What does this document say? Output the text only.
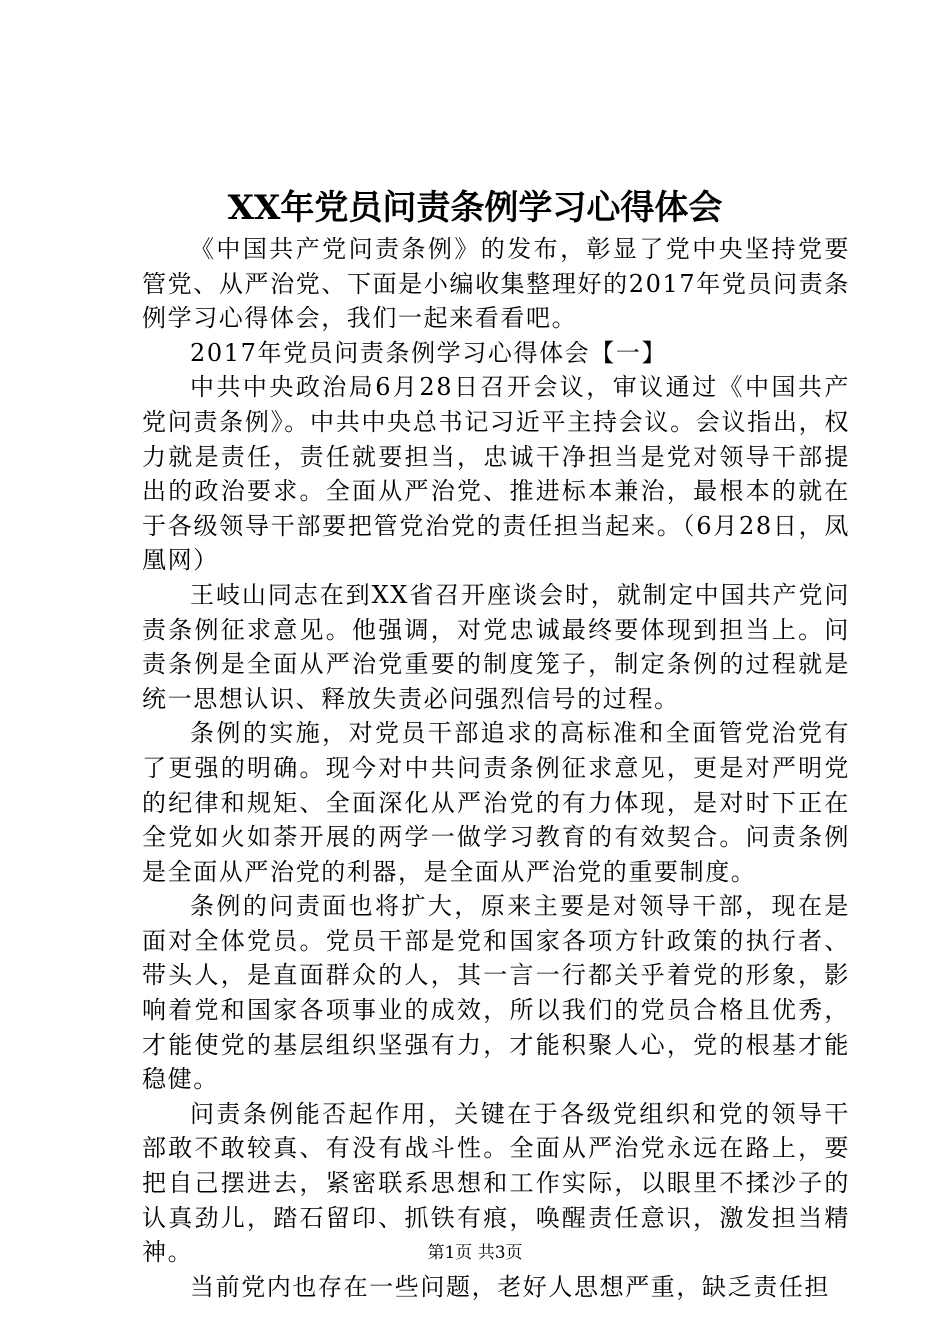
XX年党员问责条例学习心得体会

《中国共产党问责条例》的发布，彰显了党中央坚持党要管党、从严治党、下面是小编收集整理好的2017年党员问责条例学习心得体会，我们一起来看看吧。

2017年党员问责条例学习心得体会【一】

中共中央政治局6月28日召开会议，审议通过《中国共产党问责条例》。中共中央总书记习近平主持会议。会议指出，权力就是责任，责任就要担当，忠诚干净担当是党对领导干部提出的政治要求。全面从严治党、推进标本兼治，最根本的就在于各级领导干部要把管党治党的责任担当起来。（6月28日，凤凰网）

王岐山同志在到XX省召开座谈会时，就制定中国共产党问责条例征求意见。他强调，对党忠诚最终要体现到担当上。问责条例是全面从严治党重要的制度笼子，制定条例的过程就是统一思想认识、释放失责必问强烈信号的过程。

条例的实施，对党员干部追求的高标准和全面管党治党有了更强的明确。现今对中共问责条例征求意见，更是对严明党的纪律和规矩、全面深化从严治党的有力体现，是对时下正在全党如火如荼开展的两学一做学习教育的有效契合。问责条例是全面从严治党的利器，是全面从严治党的重要制度。

条例的问责面也将扩大，原来主要是对领导干部，现在是面对全体党员。党员干部是党和国家各项方针政策的执行者、带头人，是直面群众的人，其一言一行都关乎着党的形象，影响着党和国家各项事业的成效，所以我们的党员合格且优秀，才能使党的基层组织坚强有力，才能积聚人心，党的根基才能稳健。

问责条例能否起作用，关键在于各级党组织和党的领导干部敢不敢较真、有没有战斗性。全面从严治党永远在路上，要把自己摆进去，紧密联系思想和工作实际，以眼里不揉沙子的认真劲儿，踏石留印、抓铁有痕，唤醒责任意识，激发担当精神。

当前党内也存在一些问题，老好人思想严重，缺乏责任担

第1页 共3页
